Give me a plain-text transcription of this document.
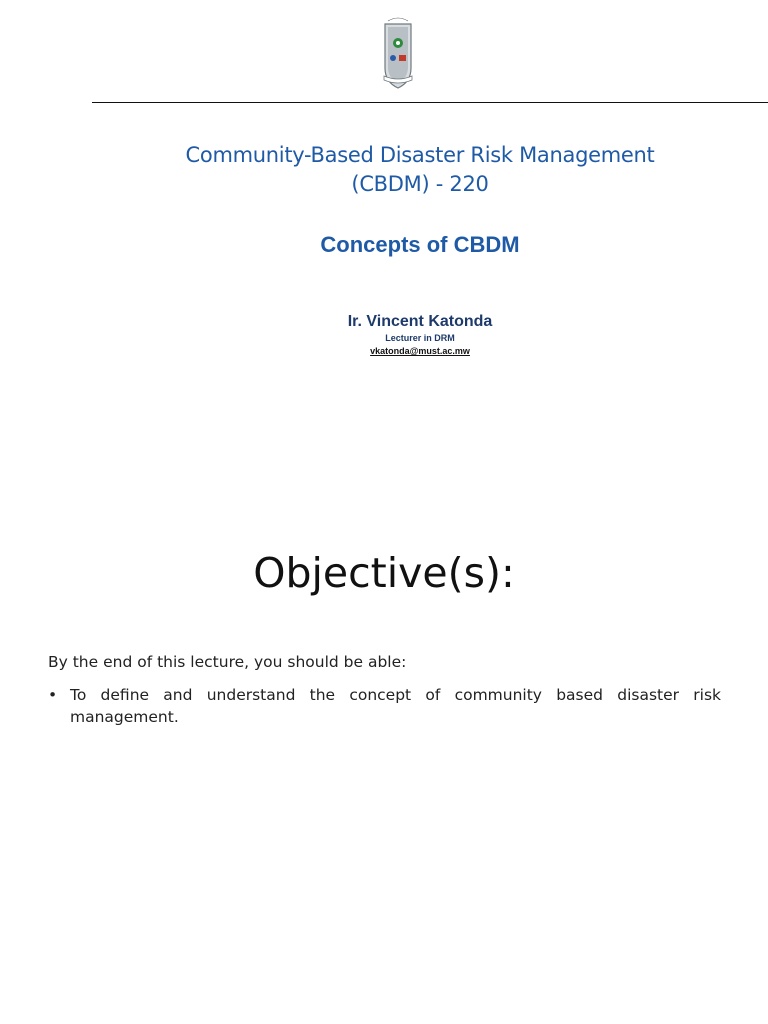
Community-Based Disaster Risk Management (CBDM) - 220
Concepts of CBDM
Ir. Vincent Katonda
Lecturer in DRM
vkatonda@must.ac.mw
Objective(s):
By the end of this lecture, you should be able:
• To define and understand the concept of community based disaster risk management.
